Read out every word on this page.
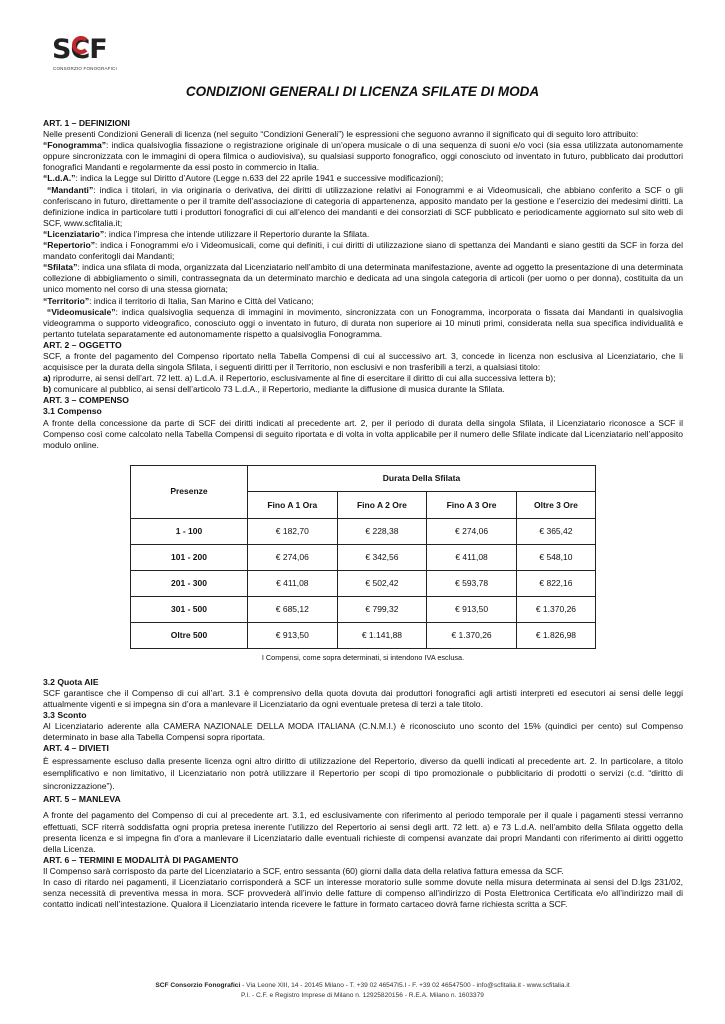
SCF
CONSORZIO FONOGRAFICI
CONDIZIONI GENERALI DI LICENZA SFILATE DI MODA

ART. 1 – DEFINIZIONI

Nelle presenti Condizioni Generali di licenza (nel seguito “Condizioni Generali”) le espressioni che seguono avranno il significato qui di seguito loro attribuito:

“Fonogramma”: indica qualsivoglia fissazione o registrazione originale di un’opera musicale o di una sequenza di suoni e/o voci (sia essa utilizzata autonomamente oppure sincronizzata con le immagini di opera filmica o audiovisiva), su qualsiasi supporto fonografico, oggi conosciuto od inventato in futuro, pubblicato dai produttori fonografici Mandanti e regolarmente da essi posto in commercio in Italia.

“L.d.A.”: indica la Legge sul Diritto d’Autore (Legge n.633 del 22 aprile 1941 e successive modificazioni);

“Mandanti”: indica i titolari, in via originaria o derivativa, dei diritti di utilizzazione relativi ai Fonogrammi e ai Videomusicali, che abbiano conferito a SCF o gli conferiscano in futuro, direttamente o per il tramite dell’associazione di categoria di appartenenza, apposito mandato per la gestione e l’esercizio dei medesimi diritti. La definizione indica in particolare tutti i produttori fonografici di cui all’elenco dei mandanti e dei consorziati di SCF pubblicato e periodicamente aggiornato sul sito web di SCF, www.scfitalia.it;

“Licenziatario”: indica l’impresa che intende utilizzare il Repertorio durante la Sfilata.

“Repertorio”: indica i Fonogrammi e/o i Videomusicali, come qui definiti, i cui diritti di utilizzazione siano di spettanza dei Mandanti e siano gestiti da SCF in forza del mandato conferitogli dai Mandanti;

“Sfilata”: indica una sfilata di moda, organizzata dal Licenziatario nell’ambito di una determinata manifestazione, avente ad oggetto la presentazione di una determinata collezione di abbigliamento o simili, contrassegnata da un determinato marchio e dedicata ad una singola categoria di articoli (per uomo o per donna), costituita da un unico momento nel corso di una stessa giornata;

“Territorio”: indica il territorio di Italia, San Marino e Città del Vaticano;

“Videomusicale”: indica qualsivoglia sequenza di immagini in movimento, sincronizzata con un Fonogramma, incorporata o fissata dai Mandanti in qualsivoglia videogramma o supporto videografico, conosciuto oggi o inventato in futuro, di durata non superiore ai 10 minuti primi, considerata nella sua specifica individualità e pertanto tutelata separatamente ed autonomamente rispetto a qualsivoglia Fonogramma.

ART. 2 – OGGETTO

SCF, a fronte del pagamento del Compenso riportato nella Tabella Compensi di cui al successivo art. 3, concede in licenza non esclusiva al Licenziatario, che li acquisisce per la durata della singola Sfilata, i seguenti diritti per il Territorio, non esclusivi e non trasferibili a terzi, a qualsiasi titolo:

a) riprodurre, ai sensi dell’art. 72 lett. a) L.d.A. il Repertorio, esclusivamente al fine di esercitare il diritto di cui alla successiva lettera b);

b) comunicare al pubblico, ai sensi dell’articolo 73 L.d.A., il Repertorio, mediante la diffusione di musica durante la Sfilata.

ART. 3 – COMPENSO

3.1 Compenso

A fronte della concessione da parte di SCF dei diritti indicati al precedente art. 2, per il periodo di durata della singola Sfilata, il Licenziatario riconosce a SCF il Compenso così come calcolato nella Tabella Compensi di seguito riportata e di volta in volta applicabile per il numero delle Sfilate indicate dal Licenziatario nell’apposito modulo online.

Presenze	Durata Della Sfilata			
	Fino A 1 Ora	Fino A 2 Ore	Fino A 3 Ore	Oltre 3 Ore
1 - 100	€ 182,70	€ 228,38	€ 274,06	€ 365,42
101 - 200	€ 274,06	€ 342,56	€ 411,08	€ 548,10
201 - 300	€ 411,08	€ 502,42	€ 593,78	€ 822,16
301 - 500	€ 685,12	€ 799,32	€ 913,50	€ 1.370,26
Oltre 500	€ 913,50	€ 1.141,88	€ 1.370,26	€ 1.826,98
I Compensi, come sopra determinati, si intendono IVA esclusa.

3.2 Quota AIE

SCF garantisce che il Compenso di cui all’art. 3.1 è comprensivo della quota dovuta dai produttori fonografici agli artisti interpreti ed esecutori ai sensi delle leggi attualmente vigenti e si impegna sin d’ora a manlevare il Licenziatario da ogni eventuale pretesa di terzi a tale titolo.

3.3 Sconto

Al Licenziatario aderente alla CAMERA NAZIONALE DELLA MODA ITALIANA (C.N.M.I.) è riconosciuto uno sconto del 15% (quindici per cento) sul Compenso determinato in base alla Tabella Compensi sopra riportata.

ART. 4 – DIVIETI

È espressamente escluso dalla presente licenza ogni altro diritto di utilizzazione del Repertorio, diverso da quelli indicati al precedente art. 2. In particolare, a titolo esemplificativo e non limitativo, il Licenziatario non potrà utilizzare il Repertorio per scopi di tipo promozionale o pubblicitario di prodotti o servizi (c.d. “diritto di sincronizzazione”).

ART. 5 – MANLEVA

A fronte del pagamento del Compenso di cui al precedente art. 3.1, ed esclusivamente con riferimento al periodo temporale per il quale i pagamenti stessi verranno effettuati, SCF riterrà soddisfatta ogni propria pretesa inerente l’utilizzo del Repertorio ai sensi degli artt. 72 lett. a) e 73 L.d.A. nell’ambito della Sfilata oggetto della presenta licenza e si impegna fin d’ora a manlevare il Licenziatario dalle eventuali richieste di compensi avanzate dai propri Mandanti con riferimento ai diritti oggetto della Licenza.

ART. 6 – TERMINI E MODALITÀ DI PAGAMENTO

Il Compenso sarà corrisposto da parte del Licenziatario a SCF, entro sessanta (60) giorni dalla data della relativa fattura emessa da SCF.

In caso di ritardo nei pagamenti, il Licenziatario corrisponderà a SCF un interesse moratorio sulle somme dovute nella misura determinata ai sensi del D.lgs 231/02, senza necessità di preventiva messa in mora. SCF provvederà all’invio delle fatture di compenso all’indirizzo di Posta Elettronica Certificata e/o all’indirizzo mail di contatto indicati nell’intestazione. Qualora il Licenziatario intenda ricevere le fatture in formato cartaceo dovrà farne richiesta scritta a SCF.

SCF Consorzio Fonografici - Via Leone XIII, 14 - 20145 Milano - T. +39 02 46547I5.I - F. +39 02 46547500 - info@scfitalia.it - www.scfitalia.it
P.I. - C.F. e Registro Imprese di Milano n. 12925820156 - R.E.A. Milano n. 1603379
